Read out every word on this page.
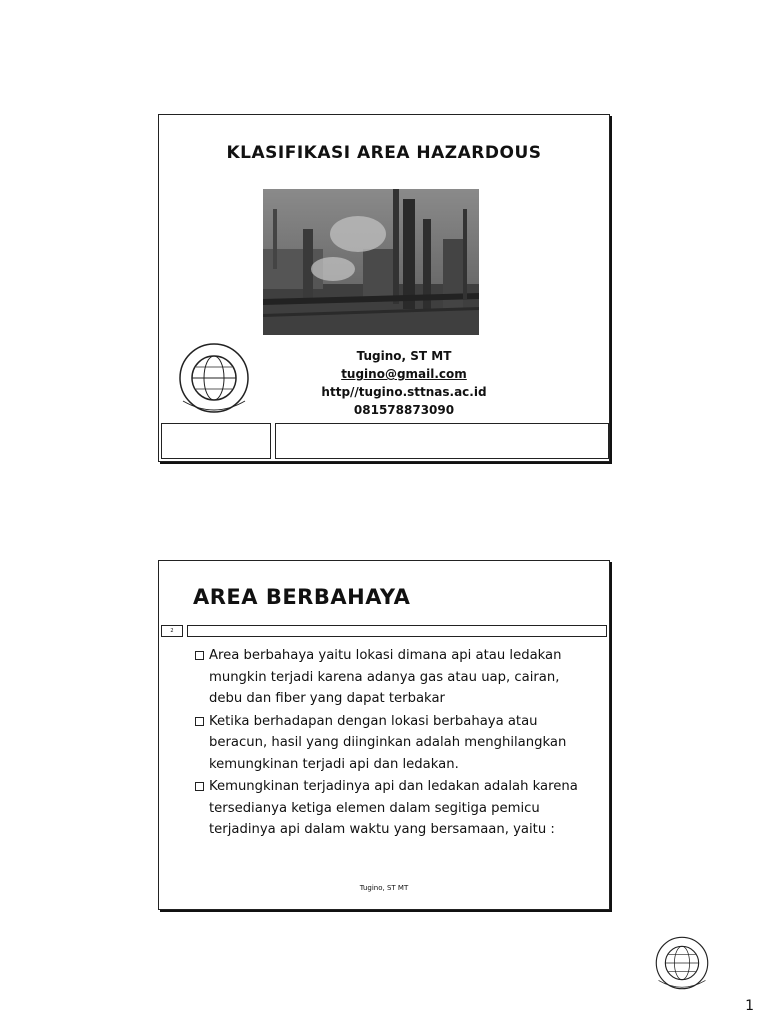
KLASIFIKASI AREA HAZARDOUS
Tugino, ST MT
tugino@gmail.com
http//tugino.sttnas.ac.id
081578873090
AREA BERBAHAYA
2
Area berbahaya yaitu lokasi dimana api atau ledakan mungkin terjadi karena adanya gas atau uap, cairan, debu dan fiber yang dapat terbakar
Ketika berhadapan dengan lokasi berbahaya atau beracun, hasil yang diinginkan adalah menghilangkan kemungkinan terjadi api dan ledakan.
Kemungkinan terjadinya api dan ledakan adalah karena tersedianya ketiga elemen dalam segitiga pemicu terjadinya api dalam waktu yang bersamaan, yaitu :
Tugino, ST MT
1
